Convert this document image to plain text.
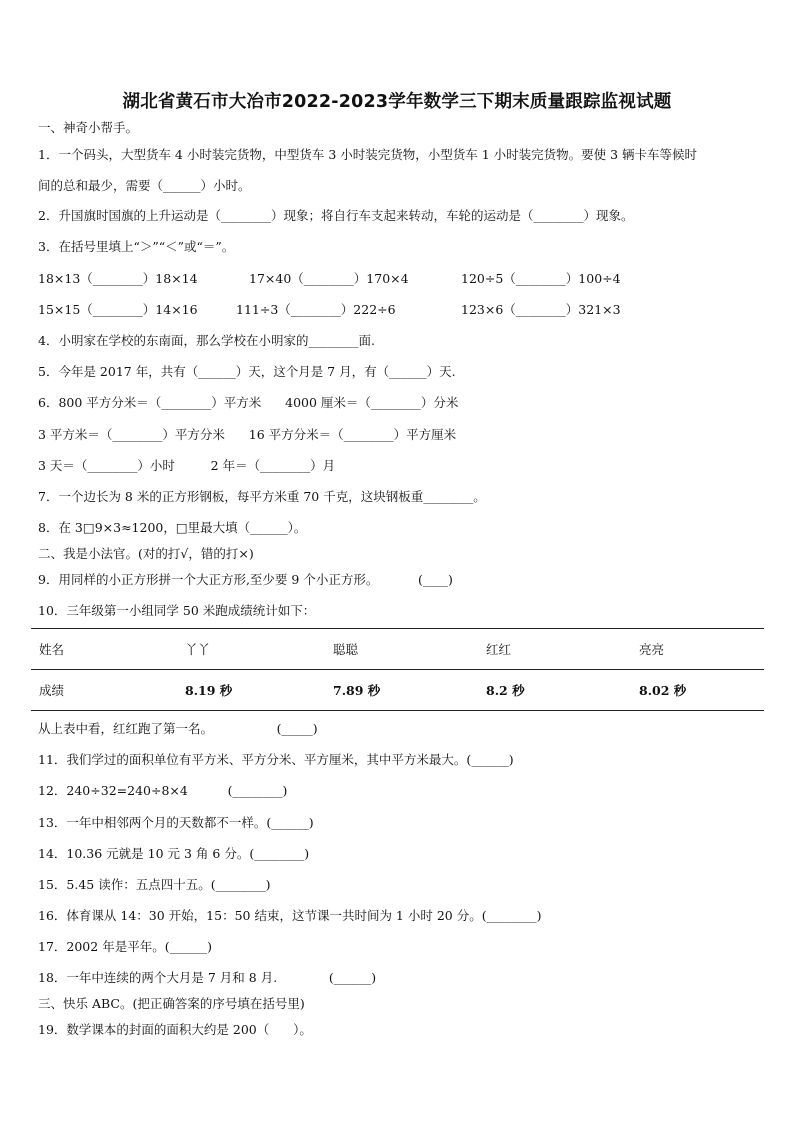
湖北省黄石市大冶市2022-2023学年数学三下期末质量跟踪监视试题
一、神奇小帮手。
1．一个码头，大型货车 4 小时装完货物，中型货车 3 小时装完货物，小型货车 1 小时装完货物。要使 3 辆卡车等候时
间的总和最少，需要（______）小时。
2．升国旗时国旗的上升运动是（________）现象；将自行车支起来转动，车轮的运动是（________）现象。
3．在括号里填上“＞”“＜”或“＝”。
18×13（________）18×14	17×40（________）170×4	120÷5（________）100÷4
15×15（________）14×16	111÷3（________）222÷6	123×6（________）321×3
4．小明家在学校的东南面，那么学校在小明家的________面.
5．今年是 2017 年，共有（______）天，这个月是 7 月，有（______）天.
6．800 平方分米＝（________）平方米      4000 厘米＝（________）分米
3 平方米＝（________）平方分米      16 平方分米＝（________）平方厘米
3 天＝（________）小时         2 年＝（________）月
7．一个边长为 8 米的正方形钢板，每平方米重 70 千克，这块钢板重________。
8．在 3□9×3≈1200，□里最大填（______）。
二、我是小法官。(对的打√，错的打×)
9．用同样的小正方形拼一个大正方形,至少要 9 个小正方形。          (____)
10．三年级第一小组同学 50 米跑成绩统计如下：
姓名	丫丫	聪聪	红红	亮亮
成绩	8.19 秒	7.89 秒	8.2 秒	8.02 秒
从上表中看，红红跑了第一名。                (_____)
11．我们学过的面积单位有平方米、平方分米、平方厘米，其中平方米最大。(______)
12．240÷32=240÷8×4          (________)
13．一年中相邻两个月的天数都不一样。(______)
14．10.36 元就是 10 元 3 角 6 分。(________)
15．5.45 读作：五点四十五。(________)
16．体育课从 14：30 开始，15：50 结束，这节课一共时间为 1 小时 20 分。(________)
17．2002 年是平年。(______)
18．一年中连续的两个大月是 7 月和 8 月.             (______)
三、快乐 ABC。(把正确答案的序号填在括号里)
19．数学课本的封面的面积大约是 200（      ）。
